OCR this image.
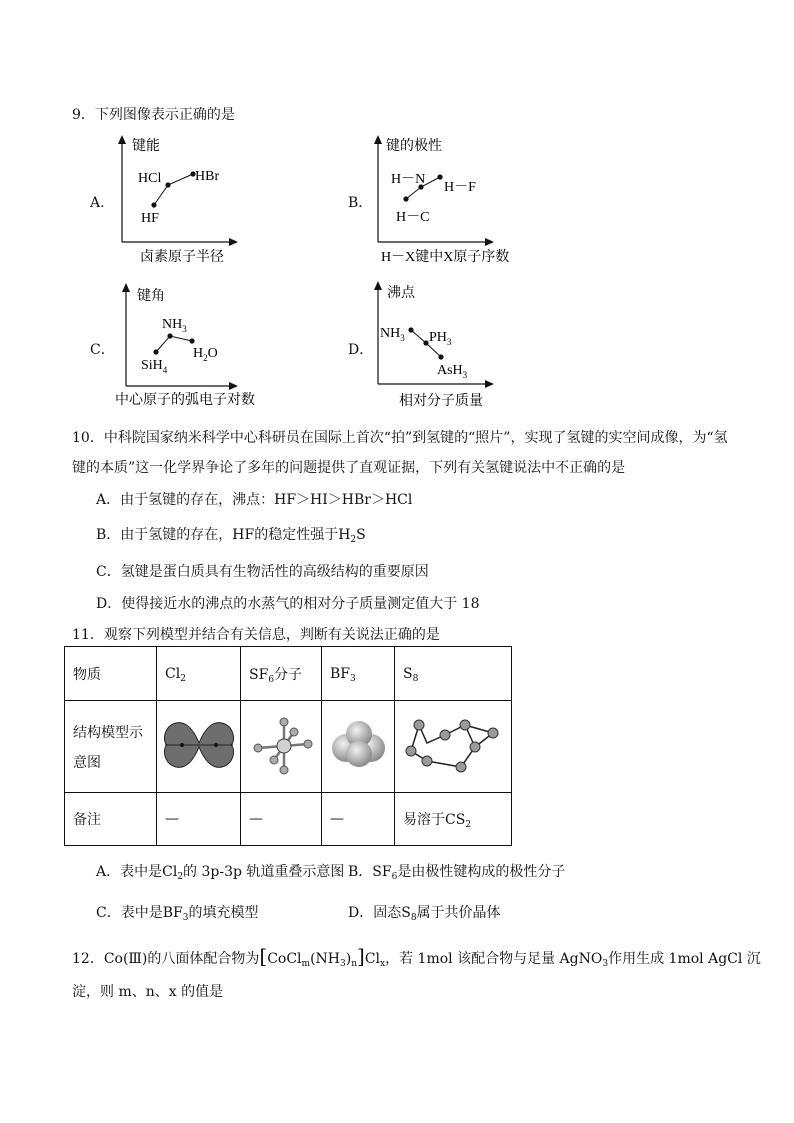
9．下列图像表示正确的是
A．
键能
卤素原子半径
HF
HCl HBr
B．
键的极性
H－X键中X原子序数
H－C
H－N
H－F
C．
键角
中心原子的弧电子对数
SiH$_4$
$NH_3$
$H_2O$	D．
沸点
相对分子质量
$NH_3$ $PH_3$
AsH$_3$
10．中科院国家纳米科学中心科研员在国际上首次“拍”到氢键的“照片”，实现了氢键的实空间成像，为“氢
键的本质”这一化学界争论了多年的问题提供了直观证据，下列有关氢键说法中不正确的是
A．由于氢键的存在，沸点：HF＞HI＞HBr＞HCl
B．由于氢键的存在，HF的稳定性强于$H_2S$
C．氢键是蛋白质具有生物活性的高级结构的重要原因
D．使得接近水的沸点的水蒸气的相对分子质量测定值大于 18
11．观察下列模型并结合有关信息，判断有关说法正确的是
物质	$Cl_2$	$SF_6$分子	$BF_3$	$S_8$

结构模型示
意图

备注	—	—	—	易溶于$CS_2$
A．表中是$Cl_2$的 3p-3p 轨道重叠示意图 B．$SF_6$是由极性键构成的极性分子
C．表中是$BF_3$的填充模型	D．固态$S_8$属于共价晶体
12．Co(Ⅲ)的八面体配合物为$[CoCl_m(NH_3)_n]Cl_x$，若 1mol 该配合物与足量 AgNO$_3$作用生成 1mol AgCl 沉
淀，则 m、n、x 的值是
